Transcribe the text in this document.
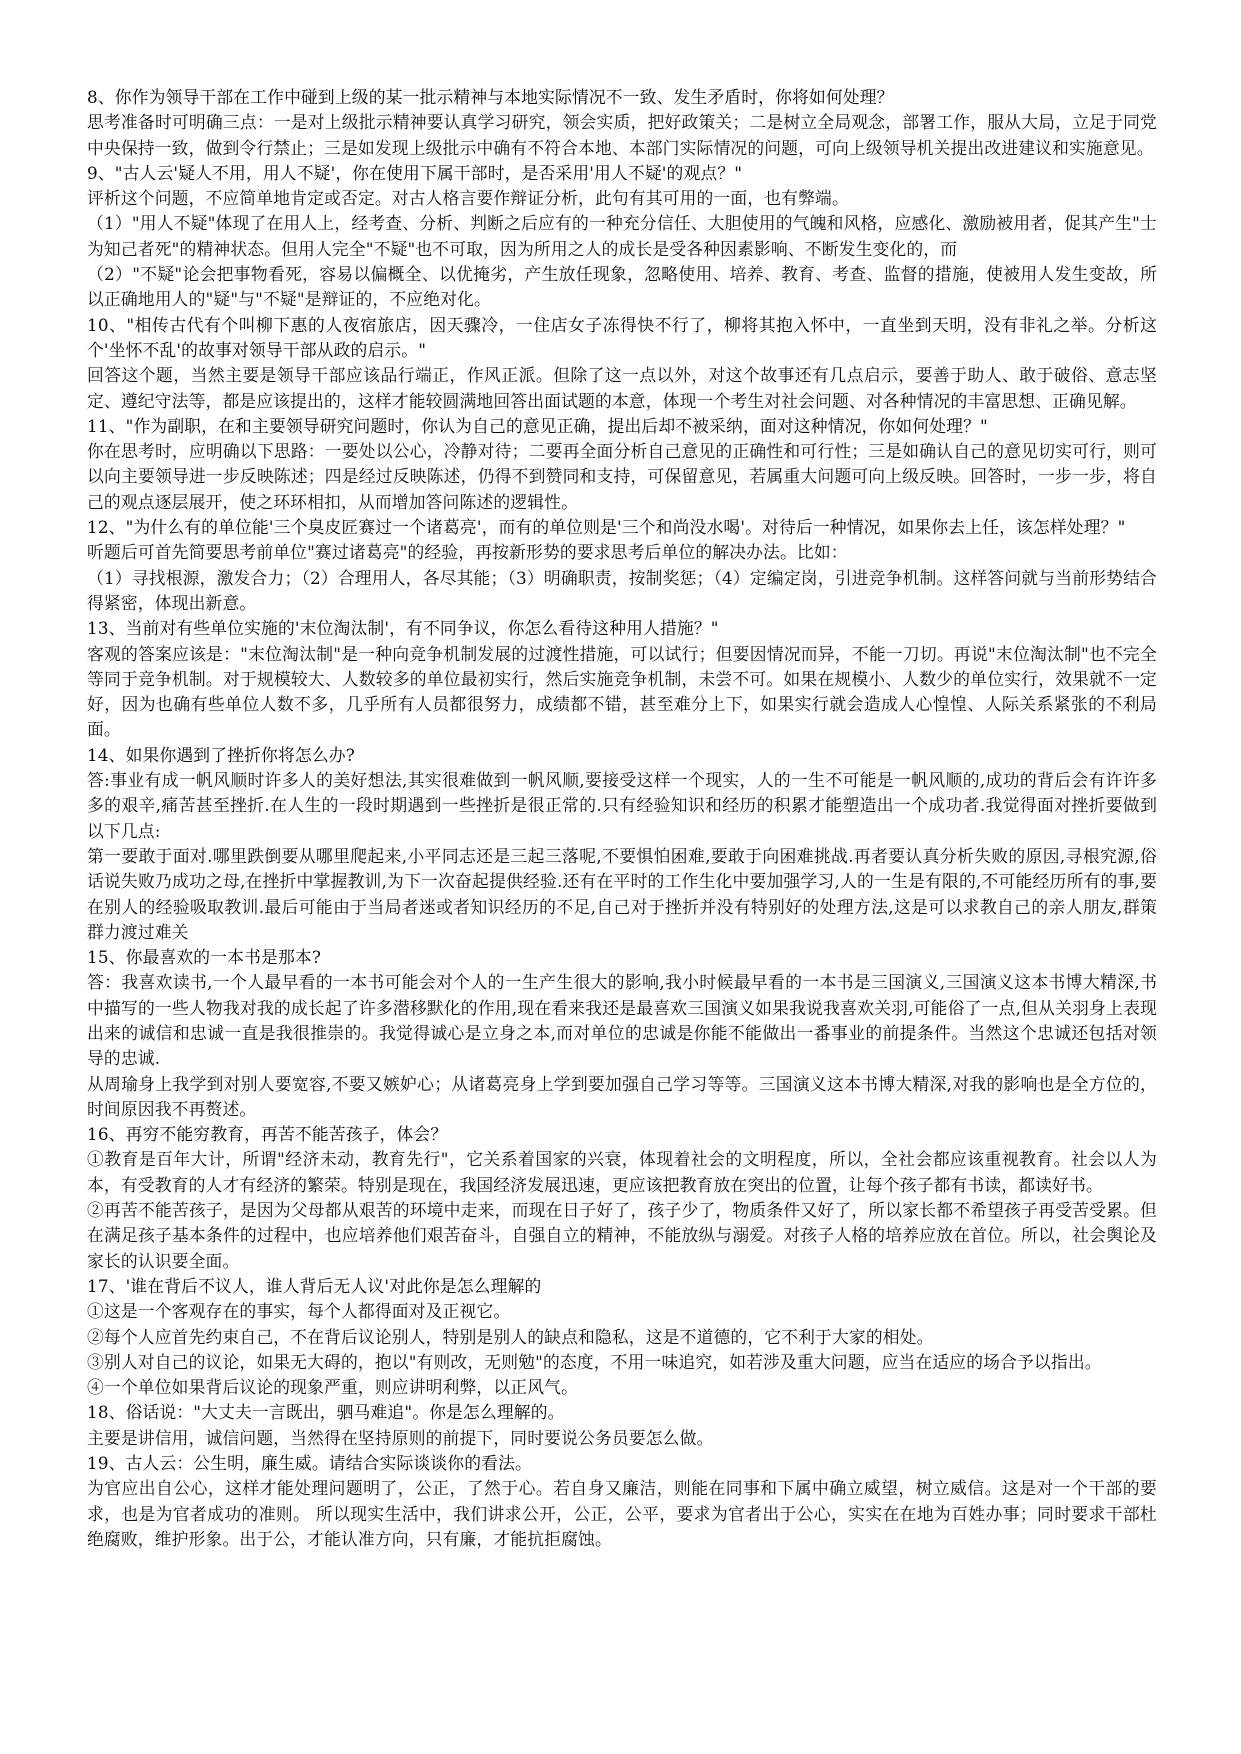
8、你作为领导干部在工作中碰到上级的某一批示精神与本地实际情况不一致、发生矛盾时，你将如何处理？

思考准备时可明确三点：一是对上级批示精神要认真学习研究，领会实质，把好政策关；二是树立全局观念，部署工作，服从大局，立足于同党中央保持一致，做到令行禁止；三是如发现上级批示中确有不符合本地、本部门实际情况的问题，可向上级领导机关提出改进建议和实施意见。

9、"古人云'疑人不用，用人不疑'，你在使用下属干部时，是否采用'用人不疑'的观点？"

评析这个问题，不应简单地肯定或否定。对古人格言要作辩证分析，此句有其可用的一面，也有弊端。

（1）"用人不疑"体现了在用人上，经考查、分析、判断之后应有的一种充分信任、大胆使用的气魄和风格，应感化、激励被用者，促其产生"士为知己者死"的精神状态。但用人完全"不疑"也不可取，因为所用之人的成长是受各种因素影响、不断发生变化的，而

（2）"不疑"论会把事物看死，容易以偏概全、以优掩劣，产生放任现象，忽略使用、培养、教育、考查、监督的措施，使被用人发生变故，所以正确地用人的"疑"与"不疑"是辩证的，不应绝对化。

10、"相传古代有个叫柳下惠的人夜宿旅店，因天骤冷，一住店女子冻得快不行了，柳将其抱入怀中，一直坐到天明，没有非礼之举。分析这个'坐怀不乱'的故事对领导干部从政的启示。"

回答这个题，当然主要是领导干部应该品行端正，作风正派。但除了这一点以外，对这个故事还有几点启示，要善于助人、敢于破俗、意志坚定、遵纪守法等，都是应该提出的，这样才能较圆满地回答出面试题的本意，体现一个考生对社会问题、对各种情况的丰富思想、正确见解。

11、"作为副职，在和主要领导研究问题时，你认为自己的意见正确，提出后却不被采纳，面对这种情况，你如何处理？"

你在思考时，应明确以下思路：一要处以公心，冷静对待；二要再全面分析自己意见的正确性和可行性；三是如确认自己的意见切实可行，则可以向主要领导进一步反映陈述；四是经过反映陈述，仍得不到赞同和支持，可保留意见，若属重大问题可向上级反映。回答时，一步一步，将自己的观点逐层展开，使之环环相扣，从而增加答问陈述的逻辑性。

12、"为什么有的单位能'三个臭皮匠赛过一个诸葛亮'，而有的单位则是'三个和尚没水喝'。对待后一种情况，如果你去上任，该怎样处理？"

听题后可首先简要思考前单位"赛过诸葛亮"的经验，再按新形势的要求思考后单位的解决办法。比如：

（1）寻找根源，激发合力；（2）合理用人，各尽其能；（3）明确职责，按制奖惩；（4）定编定岗，引进竞争机制。这样答问就与当前形势结合得紧密，体现出新意。

13、当前对有些单位实施的'末位淘汰制'，有不同争议，你怎么看待这种用人措施？"

客观的答案应该是："末位淘汰制"是一种向竞争机制发展的过渡性措施，可以试行；但要因情况而异，不能一刀切。再说"末位淘汰制"也不完全等同于竞争机制。对于规模较大、人数较多的单位最初实行，然后实施竞争机制，未尝不可。如果在规模小、人数少的单位实行，效果就不一定好，因为也确有些单位人数不多，几乎所有人员都很努力，成绩都不错，甚至难分上下，如果实行就会造成人心惶惶、人际关系紧张的不利局面。

14、如果你遇到了挫折你将怎么办?

答:事业有成一帆风顺时许多人的美好想法,其实很难做到一帆风顺,要接受这样一个现实，人的一生不可能是一帆风顺的,成功的背后会有许许多多的艰辛,痛苦甚至挫折.在人生的一段时期遇到一些挫折是很正常的.只有经验知识和经历的积累才能塑造出一个成功者.我觉得面对挫折要做到以下几点:

第一要敢于面对.哪里跌倒要从哪里爬起来,小平同志还是三起三落呢,不要惧怕困难,要敢于向困难挑战.再者要认真分析失败的原因,寻根究源,俗话说失败乃成功之母,在挫折中掌握教训,为下一次奋起提供经验.还有在平时的工作生化中要加强学习,人的一生是有限的,不可能经历所有的事,要在别人的经验吸取教训.最后可能由于当局者迷或者知识经历的不足,自己对于挫折并没有特别好的处理方法,这是可以求教自己的亲人朋友,群策群力渡过难关

15、你最喜欢的一本书是那本?

答：我喜欢读书,一个人最早看的一本书可能会对个人的一生产生很大的影响,我小时候最早看的一本书是三国演义,三国演义这本书博大精深,书中描写的一些人物我对我的成长起了许多潜移默化的作用,现在看来我还是最喜欢三国演义如果我说我喜欢关羽,可能俗了一点,但从关羽身上表现出来的诚信和忠诚一直是我很推崇的。我觉得诚心是立身之本,而对单位的忠诚是你能不能做出一番事业的前提条件。当然这个忠诚还包括对领导的忠诚.

从周瑜身上我学到对别人要宽容,不要又嫉妒心；从诸葛亮身上学到要加强自己学习等等。三国演义这本书博大精深,对我的影响也是全方位的，时间原因我不再赘述。

16、再穷不能穷教育，再苦不能苦孩子，体会？

①教育是百年大计，所谓"经济未动，教育先行"，它关系着国家的兴衰，体现着社会的文明程度，所以，全社会都应该重视教育。社会以人为本，有受教育的人才有经济的繁荣。特别是现在，我国经济发展迅速，更应该把教育放在突出的位置，让每个孩子都有书读，都读好书。

②再苦不能苦孩子，是因为父母都从艰苦的环境中走来，而现在日子好了，孩子少了，物质条件又好了，所以家长都不希望孩子再受苦受累。但在满足孩子基本条件的过程中，也应培养他们艰苦奋斗，自强自立的精神，不能放纵与溺爱。对孩子人格的培养应放在首位。所以，社会舆论及家长的认识要全面。

17、'谁在背后不议人，谁人背后无人议'对此你是怎么理解的

①这是一个客观存在的事实，每个人都得面对及正视它。

②每个人应首先约束自己，不在背后议论别人，特别是别人的缺点和隐私，这是不道德的，它不利于大家的相处。

③别人对自己的议论，如果无大碍的，抱以"有则改，无则勉"的态度，不用一味追究，如若涉及重大问题，应当在适应的场合予以指出。

④一个单位如果背后议论的现象严重，则应讲明利弊，以正风气。

18、俗话说："大丈夫一言既出，驷马难追"。你是怎么理解的。

主要是讲信用，诚信问题，当然得在坚持原则的前提下，同时要说公务员要怎么做。

19、古人云：公生明，廉生威。请结合实际谈谈你的看法。

为官应出自公心，这样才能处理问题明了，公正，了然于心。若自身又廉洁，则能在同事和下属中确立威望，树立威信。这是对一个干部的要求，也是为官者成功的准则。 所以现实生活中，我们讲求公开，公正，公平，要求为官者出于公心，实实在在地为百姓办事；同时要求干部杜绝腐败，维护形象。出于公，才能认准方向，只有廉，才能抗拒腐蚀。
